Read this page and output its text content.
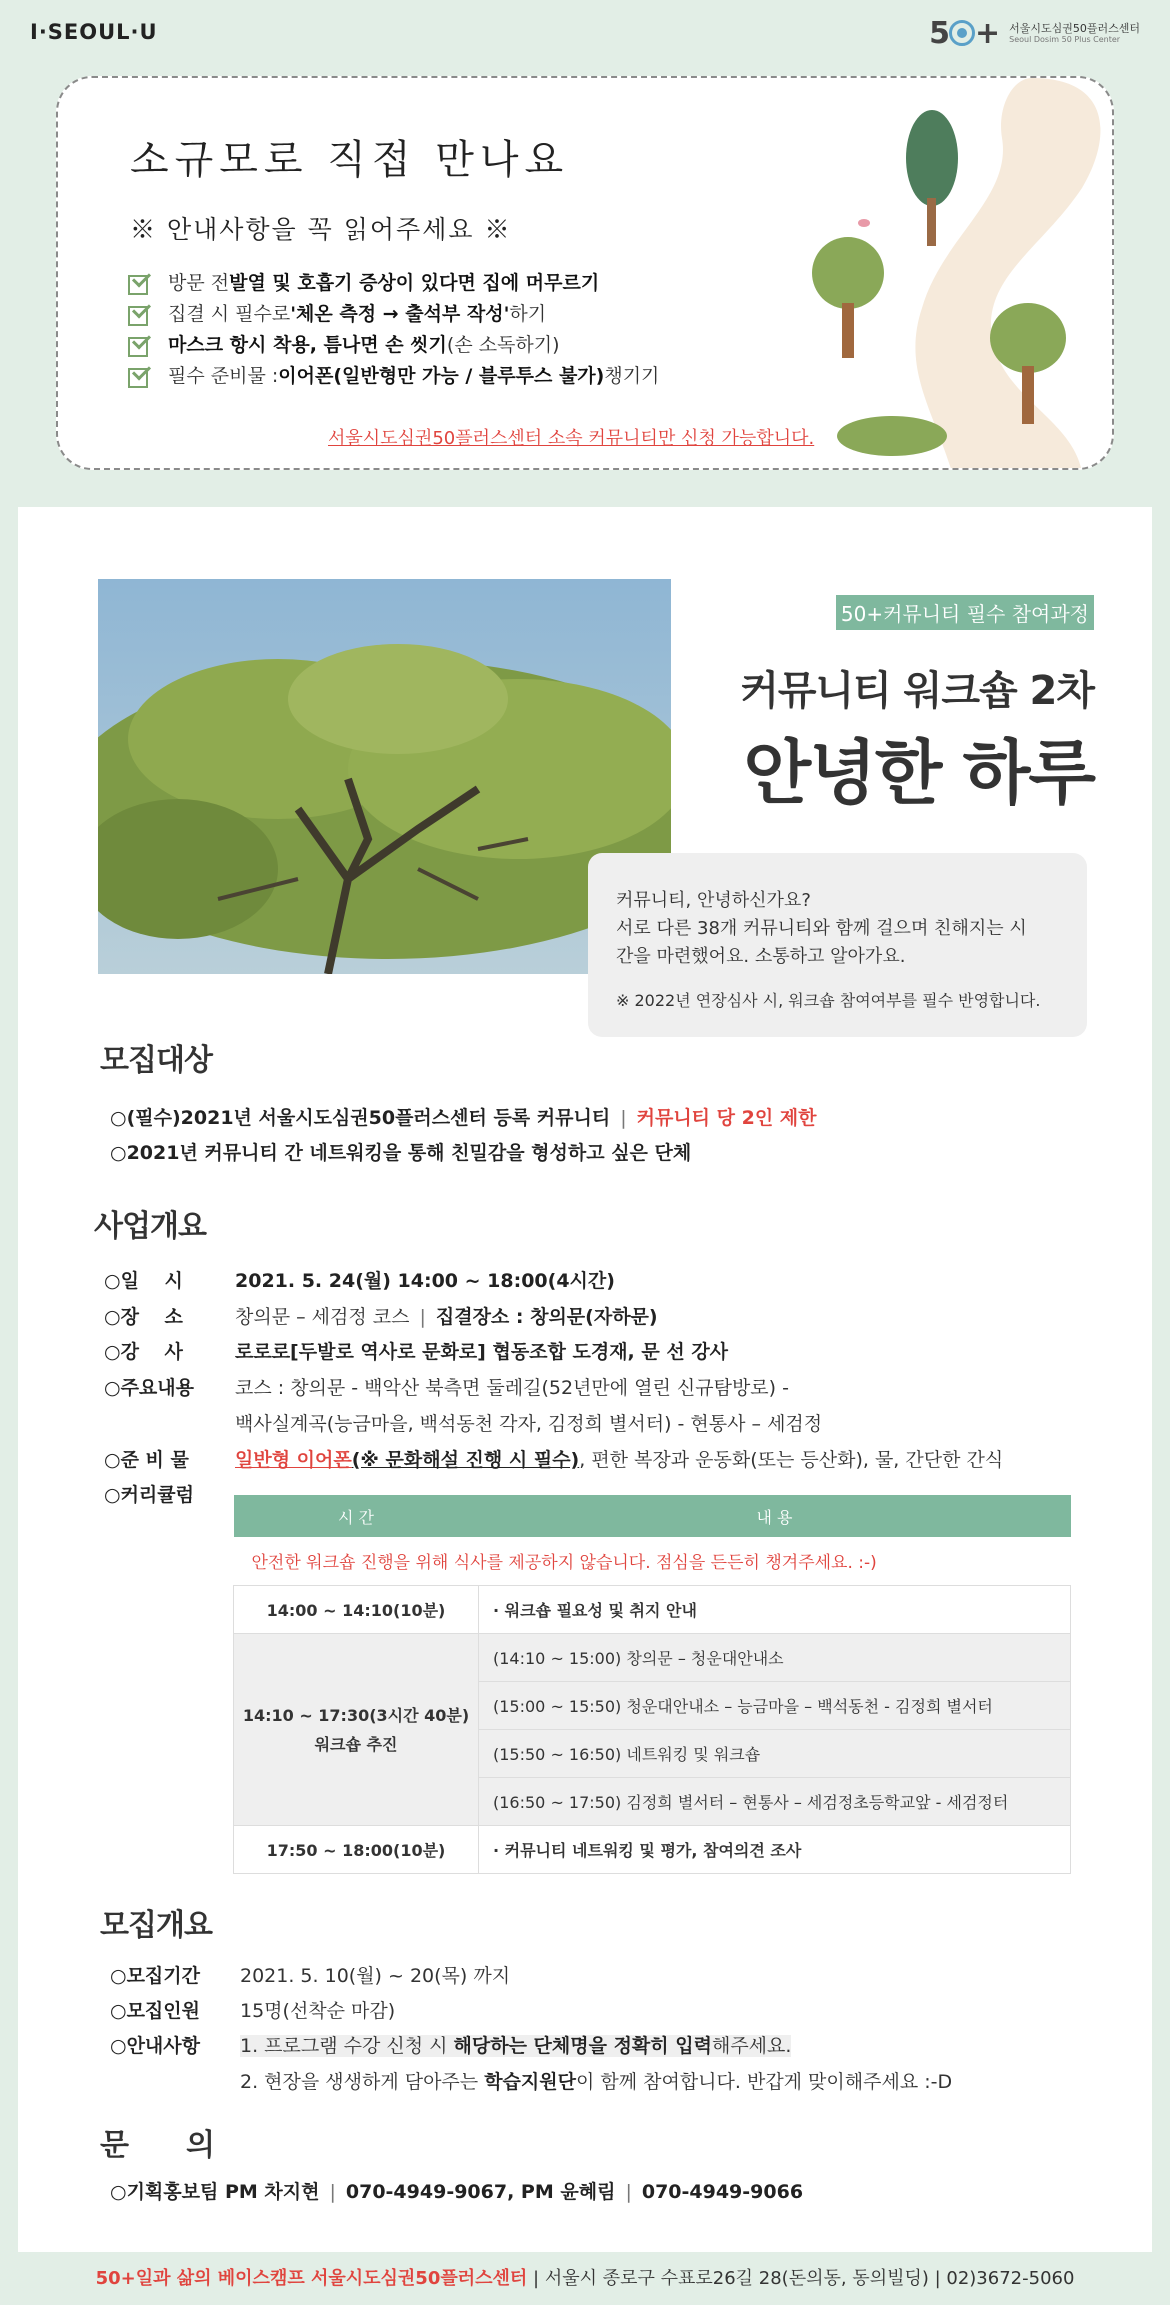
I·SEOUL·U	5 + 서울시도심권50플러스센터
Seoul Dosim 50 Plus Center
소규모로 직접 만나요
※ 안내사항을 꼭 읽어주세요 ※
방문 전 발열 및 호흡기 증상이 있다면 집에 머무르기
집결 시 필수로 '체온 측정 → 출석부 작성' 하기
마스크 항시 착용, 틈나면 손 씻기 (손 소독하기)
필수 준비물 : 이어폰(일반형만 가능 / 블루투스 불가) 챙기기
서울시도심권50플러스센터 소속 커뮤니티만 신청 가능합니다.
50+커뮤니티 필수 참여과정
커뮤니티 워크숍 2차
안녕한 하루

커뮤니티, 안녕하신가요?

서로 다른 38개 커뮤니티와 함께 걸으며 친해지는 시

간을 마련했어요. 소통하고 알아가요.

※ 2022년 연장심사 시, 워크숍 참여여부를 필수 반영합니다.

모집대상
○(필수)2021년 서울시도심권50플러스센터 등록 커뮤니티 | 커뮤니티 당 2인 제한
○2021년 커뮤니티 간 네트워킹을 통해 친밀감을 형성하고 싶은 단체
사업개요
○일　 시	2021. 5. 24(월) 14:00 ~ 18:00(4시간)
○장　 소	창의문 – 세검정 코스 | 집결장소 : 창의문(자하문)
○강　 사	로로로[두발로 역사로 문화로] 협동조합 도경재, 문 선 강사
○주요내용 코스 : 창의문 - 백악산 북측면 둘레길(52년만에 열린 신규탐방로) -
백사실계곡(능금마을, 백석동천 각자, 김정희 별서터) - 현통사 – 세검정
○준 비 물 일반형 이어폰(※ 문화해설 진행 시 필수), 편한 복장과 운동화(또는 등산화), 물, 간단한 간식
○커리큘럼
시 간	내 용
안전한 워크숍 진행을 위해 식사를 제공하지 않습니다. 점심을 든든히 챙겨주세요. :-)	
14:00 ~ 14:10(10분)	· 워크숍 필요성 및 취지 안내

14:10 ~ 17:30(3시간 40분)
워크숍 추진	(14:10 ~ 15:00) 창의문 – 청운대안내소
	(15:00 ~ 15:50) 청운대안내소 – 능금마을 – 백석동천 - 김정희 별서터
	(15:50 ~ 16:50) 네트워킹 및 워크숍
	(16:50 ~ 17:50) 김정희 별서터 – 현통사 – 세검정초등학교앞 - 세검정터
17:50 ~ 18:00(10분)	· 커뮤니티 네트워킹 및 평가, 참여의견 조사
모집개요
○모집기간 2021. 5. 10(월) ~ 20(목) 까지
○모집인원 15명(선착순 마감)
○안내사항 1. 프로그램 수강 신청 시 해당하는 단체명을 정확히 입력해주세요.
2. 현장을 생생하게 담아주는 학습지원단이 함께 참여합니다. 반갑게 맞이해주세요 :-D
문　　의
○기획홍보팀 PM 차지현 | 070-4949-9067, PM 윤혜림 | 070-4949-9066
50+일과 삶의 베이스캠프 서울시도심권50플러스센터 | 서울시 종로구 수표로26길 28(돈의동, 동의빌딩) | 02)3672-5060
